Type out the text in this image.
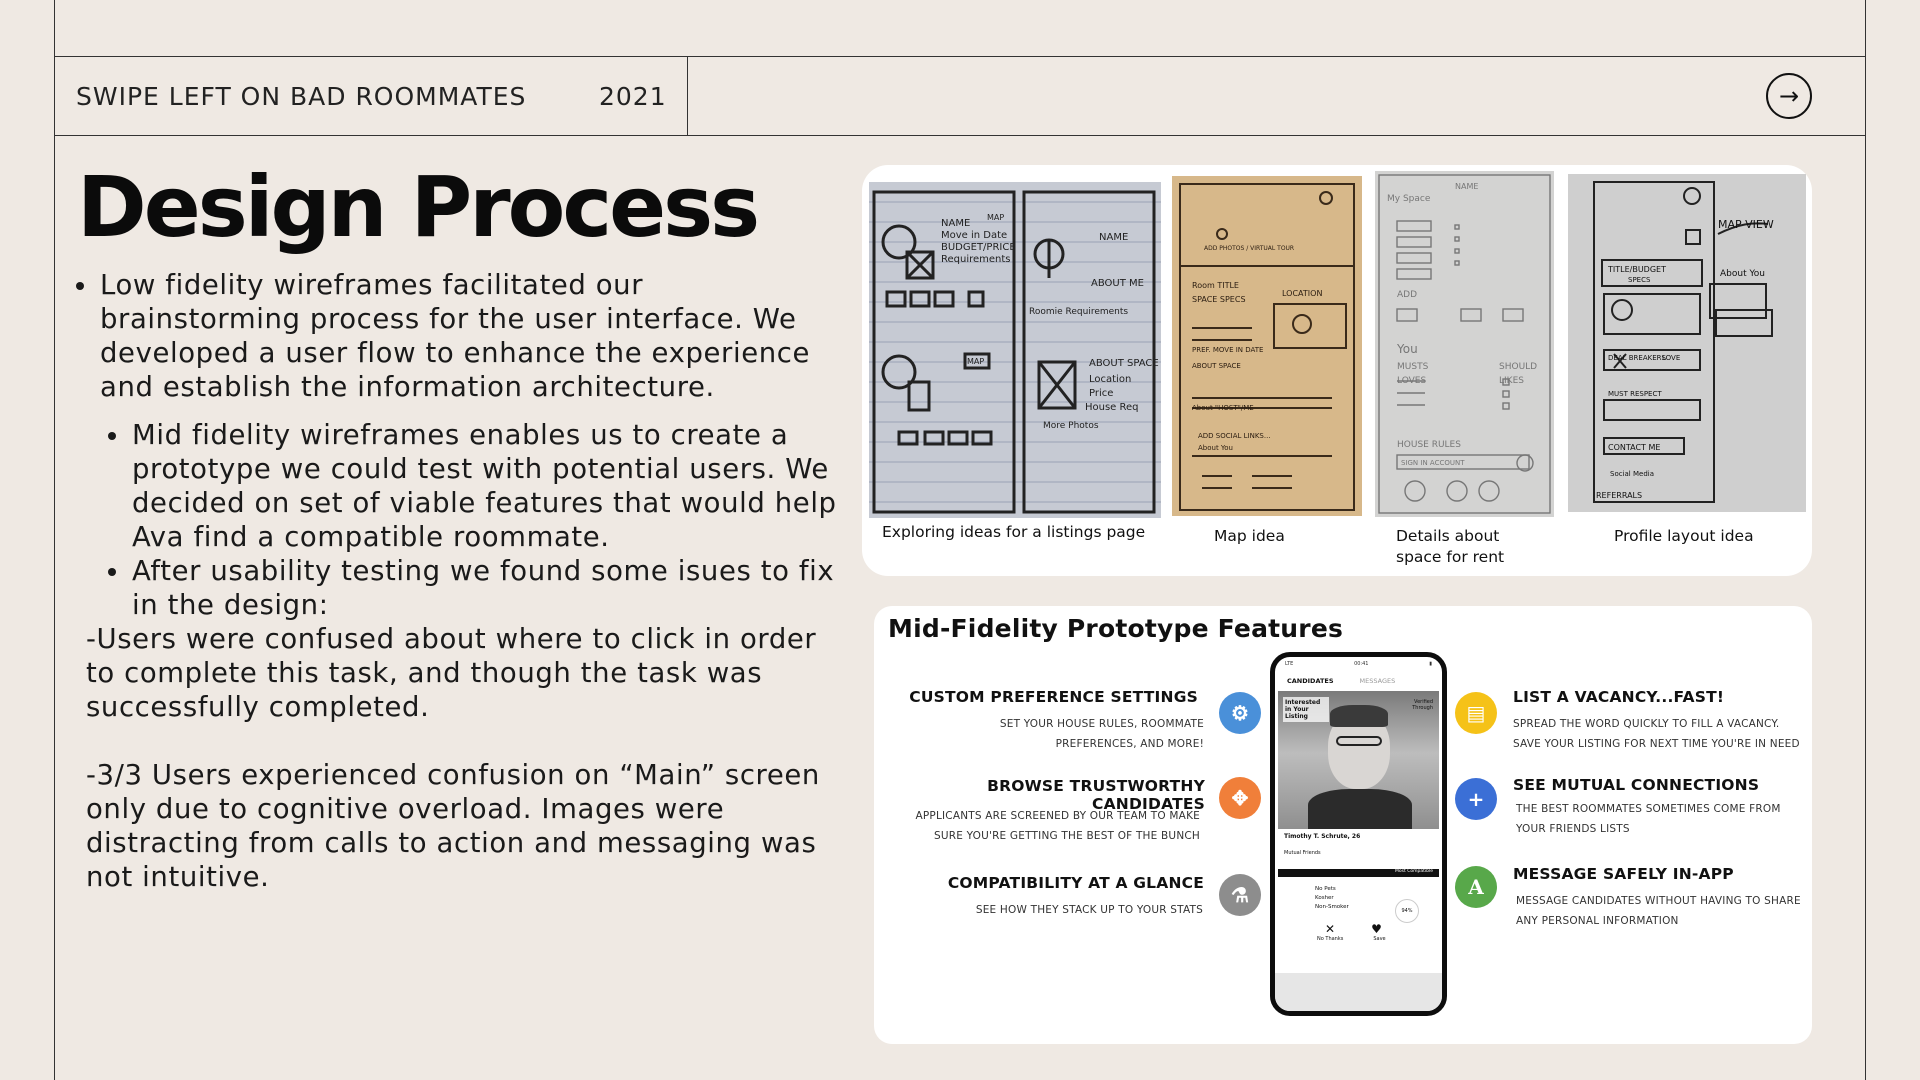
SWIPE LEFT ON BAD ROOMMATES	2021	→
Design Process
Low fidelity wireframes facilitated our brainstorming process for the user interface. We developed a user flow to enhance the experience and establish the information architecture.
Mid fidelity wireframes enables us to create a prototype we could test with potential users. We decided on set of viable features that would help Ava find a compatible roommate.
After usability testing we found some isues to fix in the design:
-Users were confused about where to click in order to complete this task, and though the task was successfully completed.
-3/3 Users experienced confusion on “Main” screen only due to cognitive overload. Images were distracting from calls to action and messaging was not intuitive.
NAME
Move in Date
BUDGET/PRICE
Requirements
MAP
NAME
ABOUT ME
Roomie Requirements
MAP	ABOUT SPACE
Location
Price
House Req
More Photos
ADD PHOTOS / VIRTUAL TOUR
Room TITLE
SPACE SPECS
LOCATION
PREF. MOVE IN DATE
ABOUT SPACE
About "HOST"/ME
ADD SOCIAL LINKS...
About You
NAME
My Space
ADD
You
MUSTS	SHOULD
LOVES	LIKES
HOUSE RULES
SIGN IN ACCOUNT
MAP VIEW
TITLE/BUDGET
SPECS
About You
DEAL BREAKERS
LOVE
MUST RESPECT
CONTACT ME
Social Media
REFERRALS
Exploring ideas for a listings page	Map idea	Details about space for rent
Profile layout idea
Mid-Fidelity Prototype Features
CUSTOM PREFERENCE SETTINGS
SET YOUR HOUSE RULES, ROOMMATE
PREFERENCES, AND MORE!
⚙
BROWSE TRUSTWORTHY CANDIDATES
APPLICANTS ARE SCREENED BY OUR TEAM TO MAKE
SURE YOU'RE GETTING THE BEST OF THE BUNCH
✥
COMPATIBILITY AT A GLANCE
SEE HOW THEY STACK UP TO YOUR STATS
⚗
▤
LIST A VACANCY...FAST!
SPREAD THE WORD QUICKLY TO FILL A VACANCY.
SAVE YOUR LISTING FOR NEXT TIME YOU'RE IN NEED
+
SEE MUTUAL CONNECTIONS
THE BEST ROOMMATES SOMETIMES COME FROM
YOUR FRIENDS LISTS
A
MESSAGE SAFELY IN-APP
MESSAGE CANDIDATES WITHOUT HAVING TO SHARE
ANY PERSONAL INFORMATION
LTE	00:41	▮
CANDIDATES	MESSAGES
Interested in Your Listing
Verified Through
Timothy T. Schrute, 26
Mutual Friends
Most Compatible
No Pets
Kosher
Non-Smoker
94%
✕	♥
No Thanks	Save
